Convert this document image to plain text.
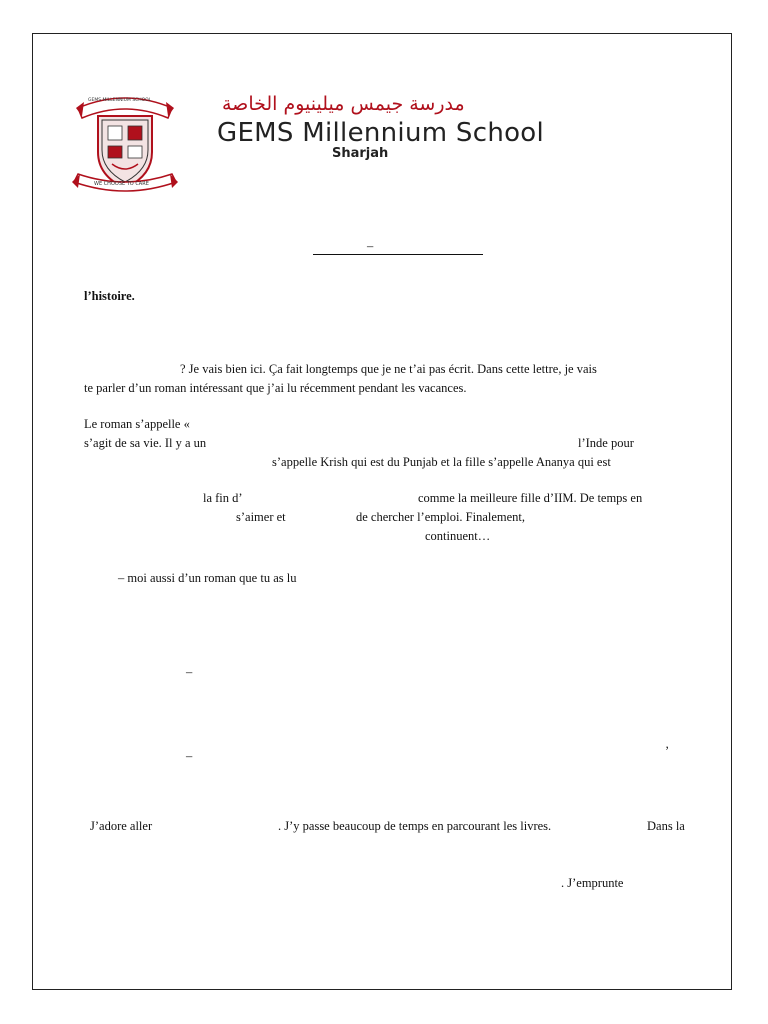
GEMS MILLENNIUM SCHOOL
WE CHOOSE TO CARE
مدرسة جيمس ميلينيوم الخاصة
GEMS Millennium School
Sharjah
–
l’histoire.
? Je vais bien ici. Ça fait longtemps que je ne t’ai pas écrit. Dans cette lettre, je vais
te parler d’un roman intéressant que j’ai lu récemment pendant les vacances.
Le roman s’appelle «
s’agit de sa vie. Il y a un	l’Inde pour
s’appelle Krish qui est du Punjab et la fille s’appelle Ananya qui est
la fin d’	comme la meilleure fille d’IIM. De temps en
s’aimer et	de chercher l’emploi. Finalement,
continuent…
– moi aussi d’un roman que tu as lu
–
–	’
J’adore aller	. J’y passe beaucoup de temps en parcourant les livres.	Dans la
. J’emprunte
